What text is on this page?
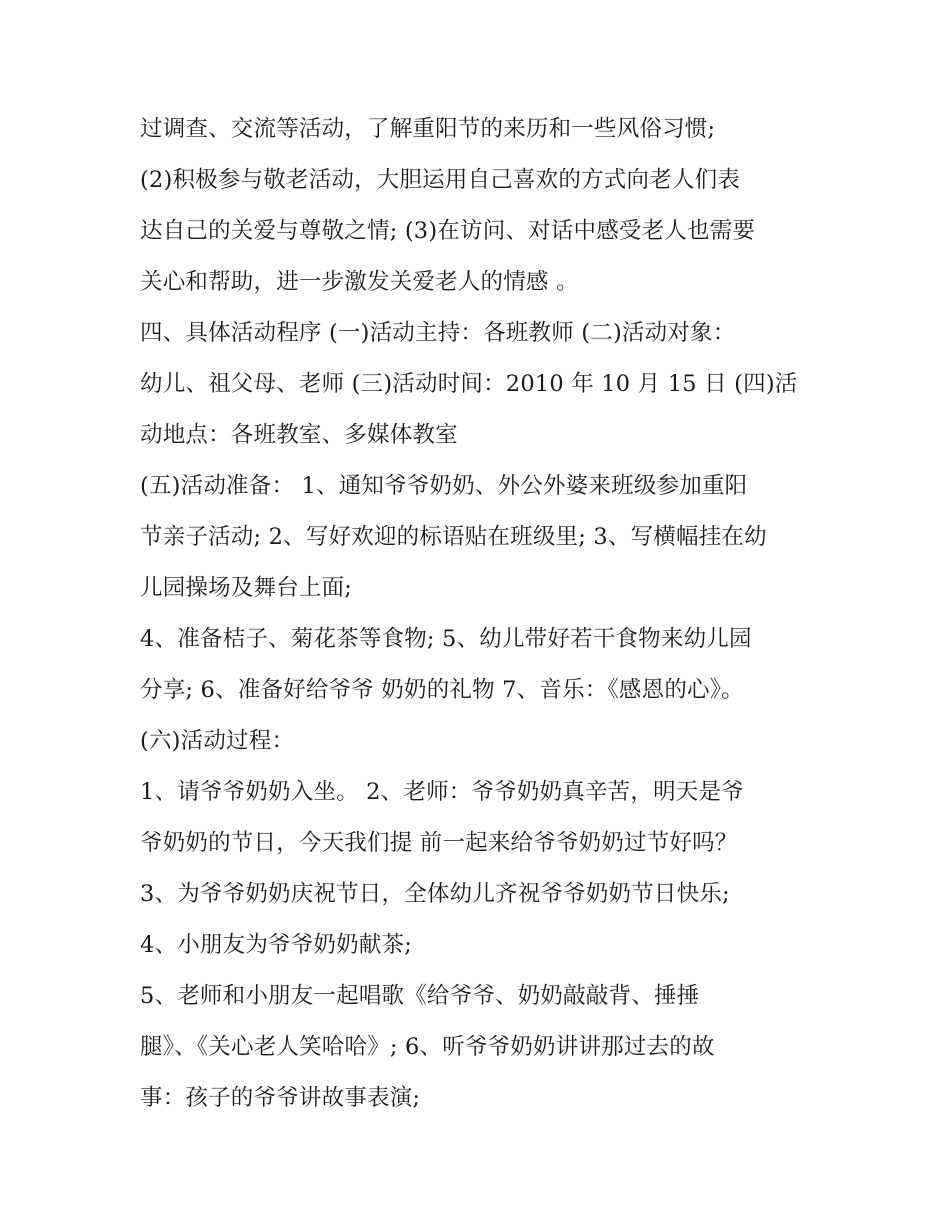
过调查、交流等活动，了解重阳节的来历和一些风俗习惯;
(2)积极参与敬老活动，大胆运用自己喜欢的方式向老人们表
达自己的关爱与尊敬之情; (3)在访问、对话中感受老人也需要
关心和帮助，进一步激发关爱老人的情感 。
四、具体活动程序 (一)活动主持：各班教师 (二)活动对象：
幼儿、祖父母、老师 (三)活动时间：2010 年 10 月 15 日 (四)活
动地点：各班教室、多媒体教室
(五)活动准备： 1、通知爷爷奶奶、外公外婆来班级参加重阳
节亲子活动; 2、写好欢迎的标语贴在班级里; 3、写横幅挂在幼
儿园操场及舞台上面;
4、准备桔子、菊花茶等食物; 5、幼儿带好若干食物来幼儿园
分享; 6、准备好给爷爷 奶奶的礼物 7、音乐：《感恩的心》。
(六)活动过程：
1、请爷爷奶奶入坐。 2、老师：爷爷奶奶真辛苦，明天是爷
爷奶奶的节日，今天我们提 前一起来给爷爷奶奶过节好吗？
3、为爷爷奶奶庆祝节日，全体幼儿齐祝爷爷奶奶节日快乐;
4、小朋友为爷爷奶奶献茶;
5、老师和小朋友一起唱歌《给爷爷、奶奶敲敲背、捶捶
腿》、《关心老人笑哈哈》; 6、听爷爷奶奶讲讲那过去的故
事：孩子的爷爷讲故事表演;
